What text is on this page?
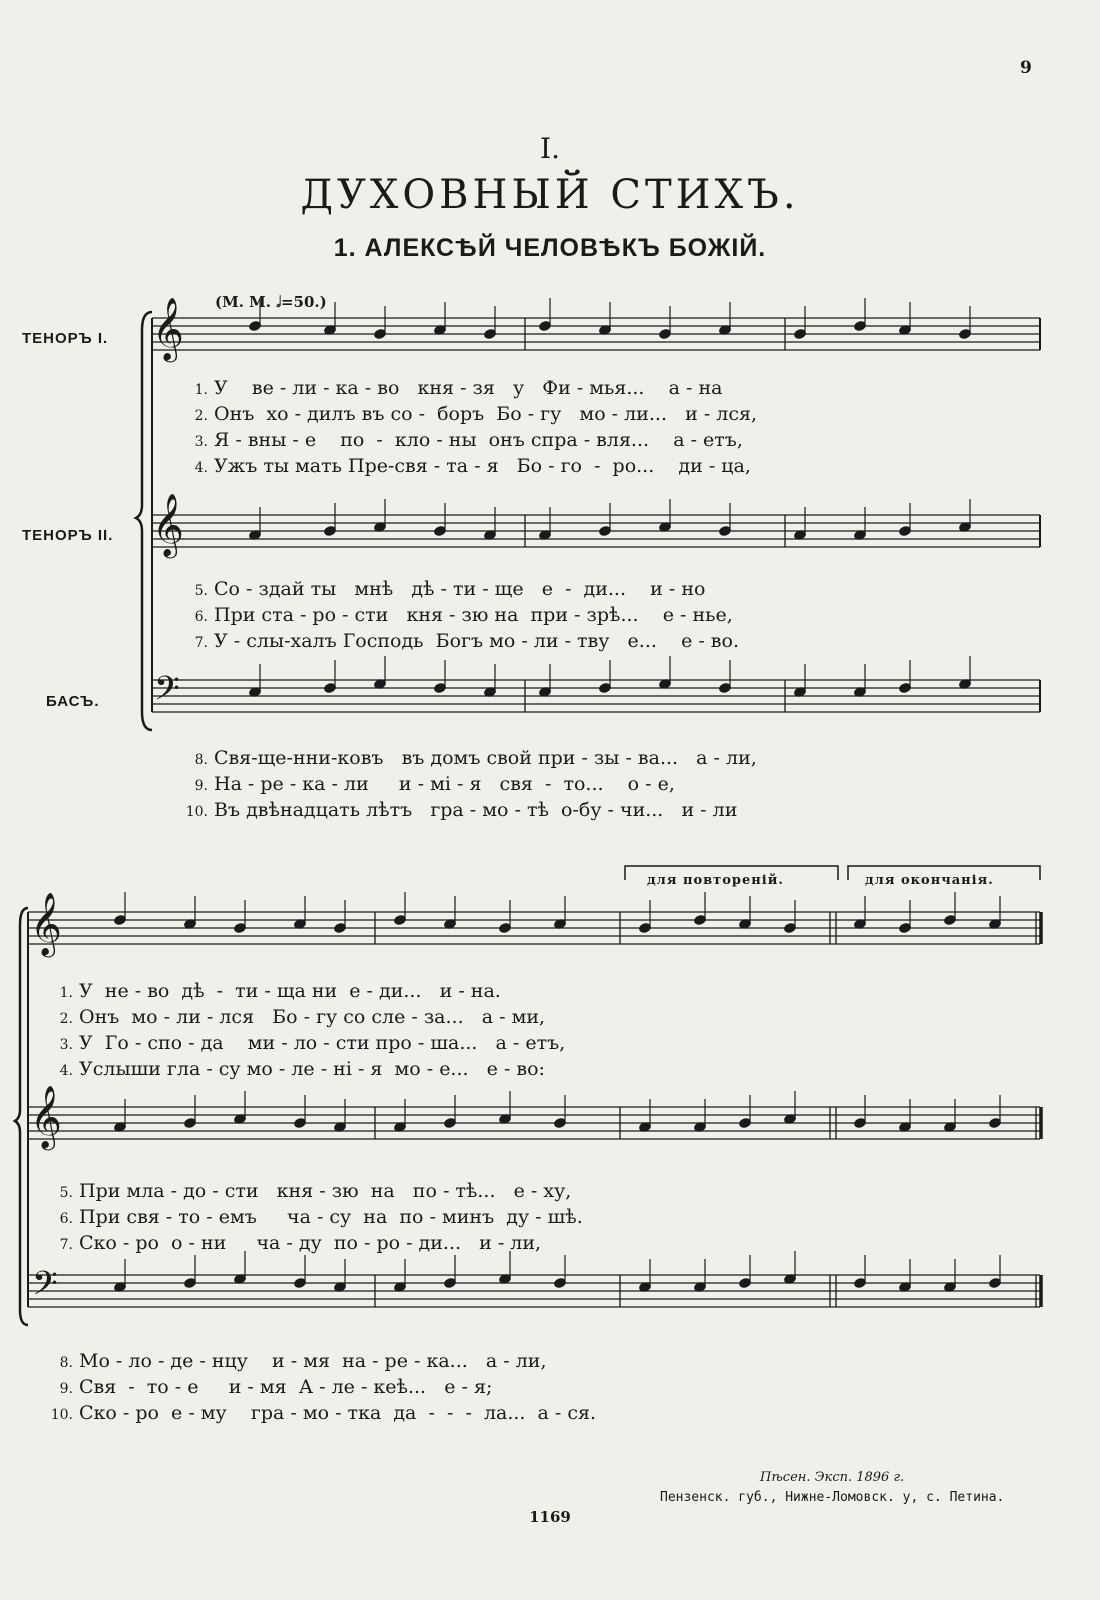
9
I.
ДУХОВНЫЙ СТИХЪ.
1. АЛЕКСѢЙ ЧЕЛОВѢКЪ БОЖІЙ.
(М. М. 𝅗𝅥=50.)
ТЕНОРЪ I.
ТЕНОРЪ II.
БАСЪ.
для повтореній.	для окончанія.
𝄞
𝄞
𝄢
𝄞
𝄞
𝄢
1. У    ве - ли - ка - во   кня - зя   у   Фи - мья...    а - на
2. Онъ  хо - дилъ въ со -  боръ  Бо - гу   мо - ли...   и - лся,
3. Я - вны - е    по  -  кло - ны  онъ спра - вля...    а - етъ,
4. Ужъ ты мать Пре-свя - та - я   Бо - го  -  ро...    ди - ца,
5. Со - здай ты   мнѣ   дѣ - ти - ще   е  -  ди...    и - но
6. При ста - ро - сти   кня - зю на  при - зрѣ...    е - нье,
7. У - слы-халъ Господь  Богъ мо - ли - тву   е...    е - во.
8. Свя-ще-нни-ковъ   въ домъ свой при - зы - ва...   а - ли,
9. На - ре - ка - ли     и - мі - я   свя  -  то...    о - е,
10. Въ двѣнадцать лѣтъ   гра - мо - тѣ  о-бу - чи...   и - ли
1. У  не - во  дѣ  -  ти - ща ни  е - ди...   и - на.
2. Онъ  мо - ли - лся   Бо - гу со сле - за...   а - ми,
3. У  Го - спо - да    ми - ло - сти про - ша...   а - етъ,
4. Услыши гла - су мо - ле - ні - я  мо - е...   е - во:
5. При мла - до - сти   кня - зю  на   по - тѣ...   е - ху,
6. При свя - то - емъ     ча - су  на  по - минъ  ду - шѣ.
7. Ско - ро  о - ни     ча - ду  по - ро - ди...   и - ли,
8. Мо - ло - де - нцу    и - мя  на - ре - ка...   а - ли,
9. Свя  -  то - е     и - мя  А - ле - кеѣ...   е - я;
10. Ско - ро  е - му    гра - мо - тка  да  -  -  -  ла...  а - ся.
Пѣсен. Эксп. 1896 г.
Пензенск. губ., Нижне-Ломовск. у, с. Петина.
1169
